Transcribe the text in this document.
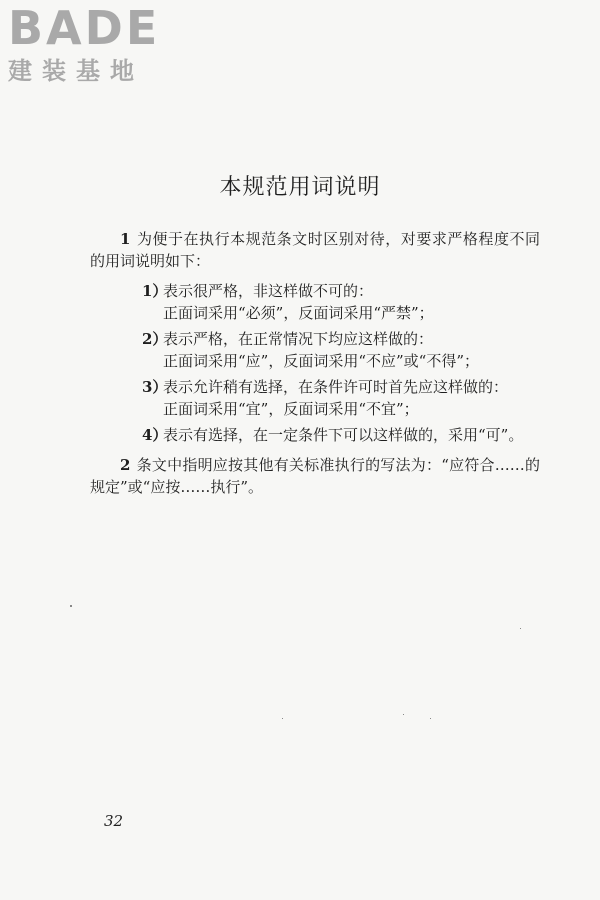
BADE
建装基地
本规范用词说明

1 为便于在执行本规范条文时区别对待，对要求严格程度不同的用词说明如下：

1）
表示很严格，非这样做不可的：
正面词采用“必须”，反面词采用“严禁”；
2）
表示严格，在正常情况下均应这样做的：
正面词采用“应”，反面词采用“不应”或“不得”；
3）
表示允许稍有选择，在条件许可时首先应这样做的：
正面词采用“宜”，反面词采用“不宜”；
4）
表示有选择，在一定条件下可以这样做的，采用“可”。

2 条文中指明应按其他有关标准执行的写法为：“应符合……的规定”或“应按……执行”。

32
